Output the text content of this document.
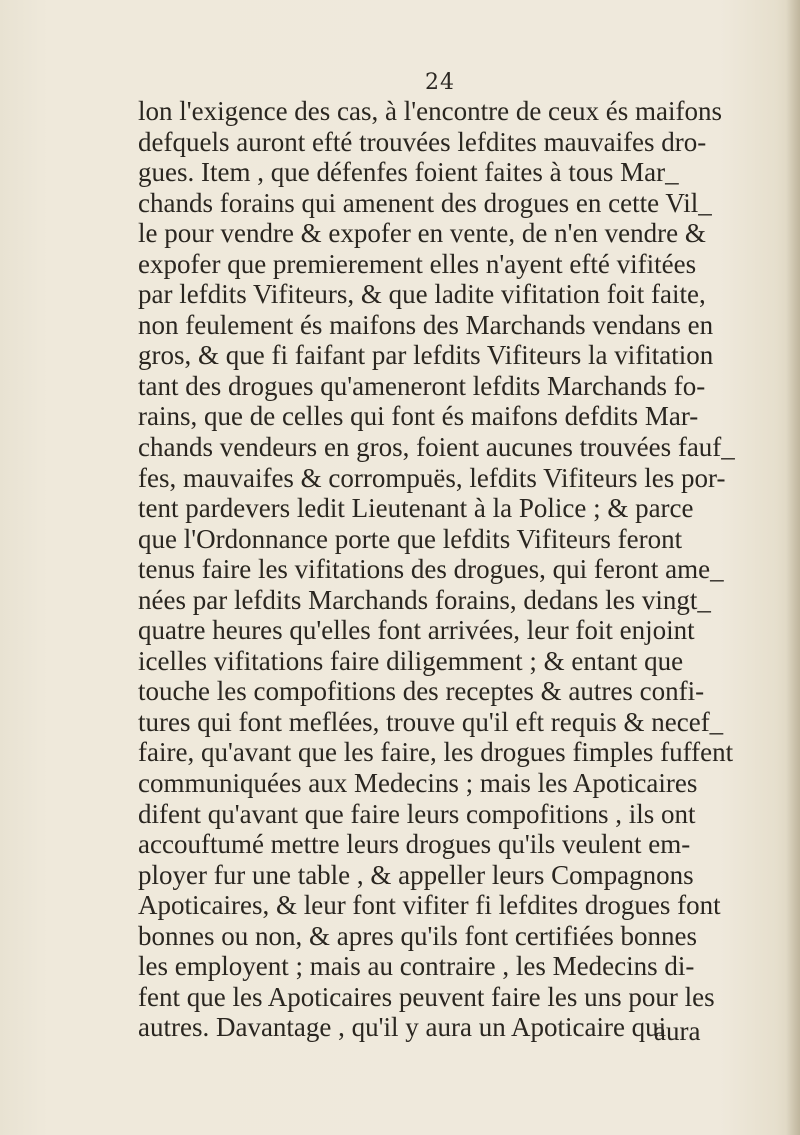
24
lon l'exigence des cas, à l'encontre de ceux és maifons
defquels auront efté trouvées lefdites mauvaifes dro-
gues. Item , que défenfes foient faites à tous Mar_
chands forains qui amenent des drogues en cette Vil_
le pour vendre & expofer en vente, de n'en vendre &
expofer que premierement elles n'ayent efté vifitées
par lefdits Vifiteurs, & que ladite vifitation foit faite,
non feulement és maifons des Marchands vendans en
gros, & que fi faifant par lefdits Vifiteurs la vifitation
tant des drogues qu'ameneront lefdits Marchands fo-
rains, que de celles qui font és maifons defdits Mar-
chands vendeurs en gros, foient aucunes trouvées fauf_
fes, mauvaifes & corrompuës, lefdits Vifiteurs les por-
tent pardevers ledit Lieutenant à la Police ; & parce
que l'Ordonnance porte que lefdits Vifiteurs feront
tenus faire les vifitations des drogues, qui feront ame_
nées par lefdits Marchands forains, dedans les vingt_
quatre heures qu'elles font arrivées, leur foit enjoint
icelles vifitations faire diligemment ; & entant que
touche les compofitions des receptes & autres confi-
tures qui font meflées, trouve qu'il eft requis & necef_
faire, qu'avant que les faire, les drogues fimples fuffent
communiquées aux Medecins ; mais les Apoticaires
difent qu'avant que faire leurs compofitions , ils ont
accouftumé mettre leurs drogues qu'ils veulent em-
ployer fur une table , & appeller leurs Compagnons
Apoticaires, & leur font vifiter fi lefdites drogues font
bonnes ou non, & apres qu'ils font certifiées bonnes
les employent ; mais au contraire , les Medecins di-
fent que les Apoticaires peuvent faire les uns pour les
autres. Davantage , qu'il y aura un Apoticaire qui
aura
